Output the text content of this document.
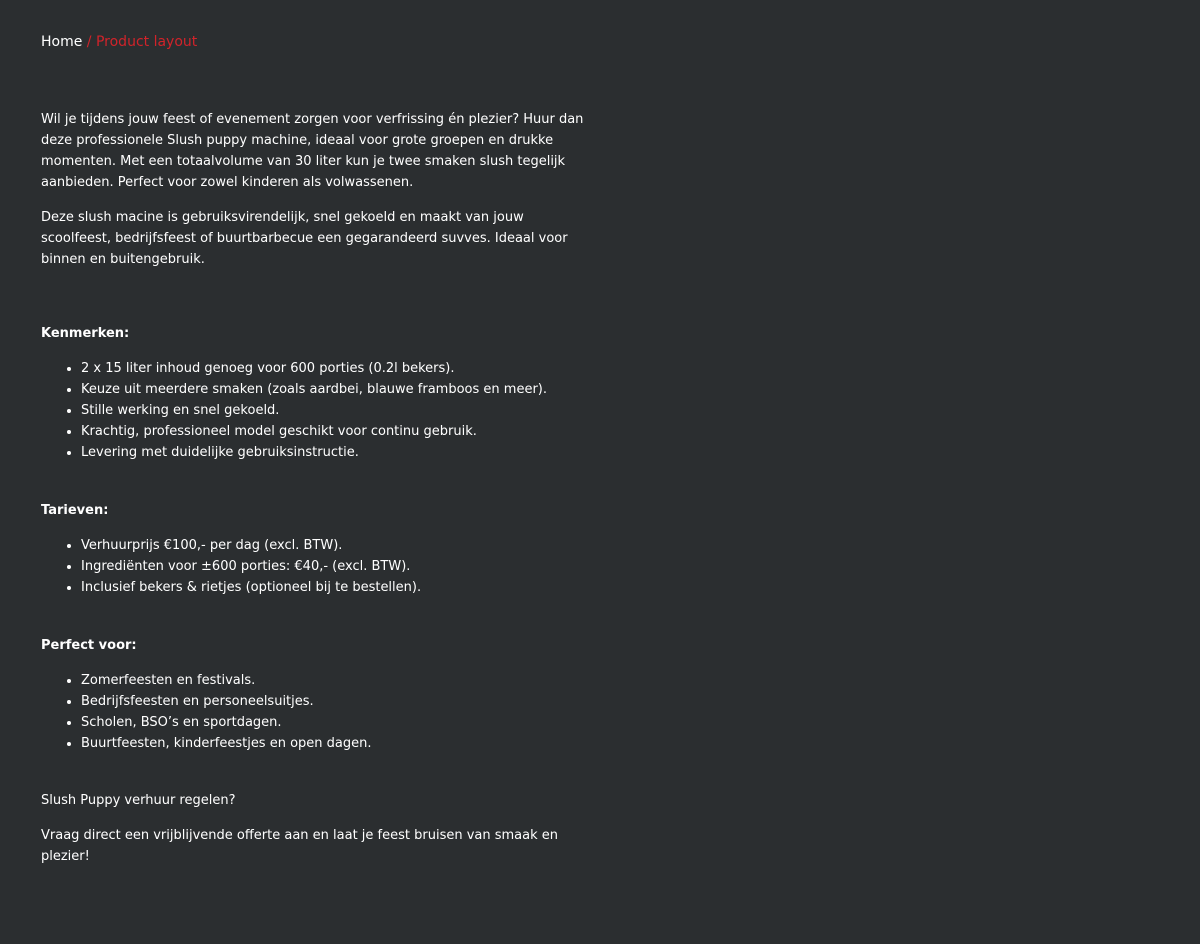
Home / Product layout

Wil je tijdens jouw feest of evenement zorgen voor verfrissing én plezier? Huur dan deze professionele Slush puppy machine, ideaal voor grote groepen en drukke momenten. Met een totaalvolume van 30 liter kun je twee smaken slush tegelijk aanbieden. Perfect voor zowel kinderen als volwassenen.

Deze slush macine is gebruiksvirendelijk, snel gekoeld en maakt van jouw scoolfeest, bedrijfsfeest of buurtbarbecue een gegarandeerd suvves. Ideaal voor binnen en buitengebruik.

Kenmerken:

• 2 x 15 liter inhoud genoeg voor 600 porties (0.2l bekers).
• Keuze uit meerdere smaken (zoals aardbei, blauwe framboos en meer).
• Stille werking en snel gekoeld.
• Krachtig, professioneel model geschikt voor continu gebruik.
• Levering met duidelijke gebruiksinstructie.

Tarieven:

• Verhuurprijs €100,- per dag (excl. BTW).
• Ingrediënten voor ±600 porties: €40,- (excl. BTW).
• Inclusief bekers & rietjes (optioneel bij te bestellen).

Perfect voor:

• Zomerfeesten en festivals.
• Bedrijfsfeesten en personeelsuitjes.
• Scholen, BSO’s en sportdagen.
• Buurtfeesten, kinderfeestjes en open dagen.

Slush Puppy verhuur regelen?

Vraag direct een vrijblijvende offerte aan en laat je feest bruisen van smaak en plezier!
